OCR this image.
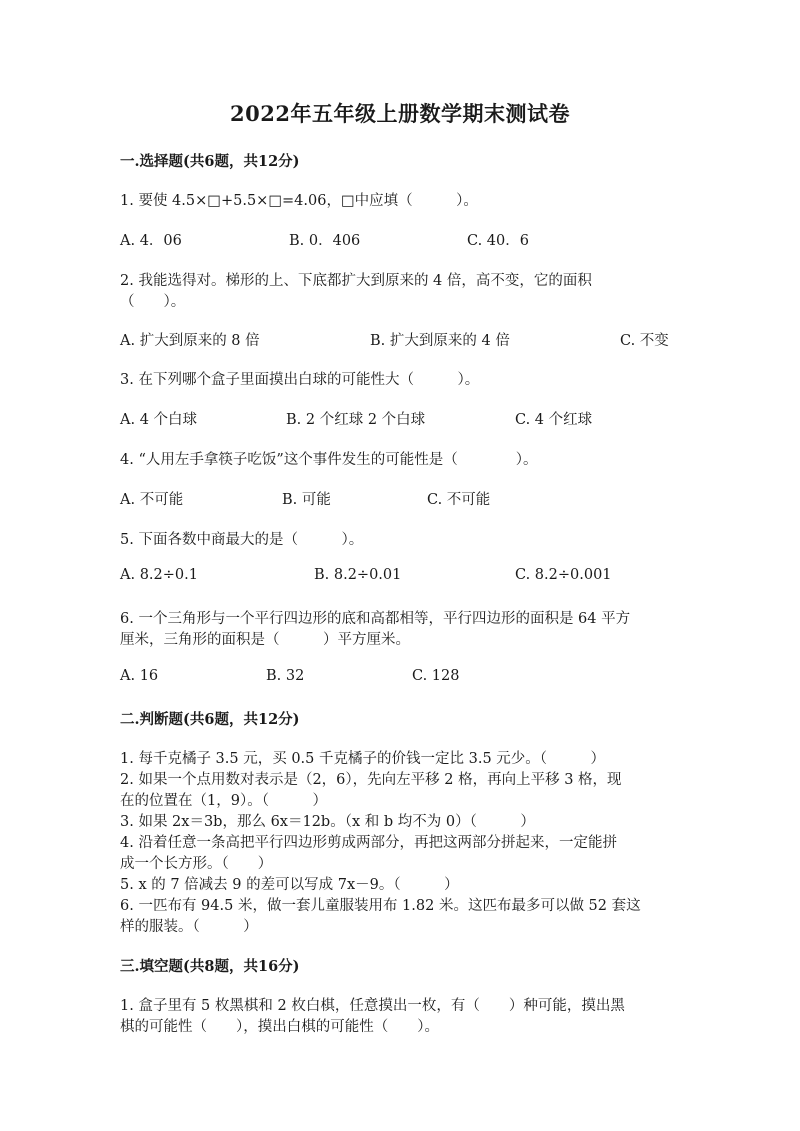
2022年五年级上册数学期末测试卷
一.选择题(共6题，共12分)
1. 要使 4.5×□+5.5×□=4.06，□中应填（　　　）。
A. 4．06	B. 0．406	C. 40．6
2. 我能选得对。梯形的上、下底都扩大到原来的 4 倍，高不变，它的面积
（　　）。
A. 扩大到原来的 8 倍	B. 扩大到原来的 4 倍	C. 不变
3. 在下列哪个盒子里面摸出白球的可能性大（　　　）。
A. 4 个白球	B. 2 个红球 2 个白球	C. 4 个红球
4. “人用左手拿筷子吃饭”这个事件发生的可能性是（　　　　）。
A. 不可能	B. 可能	C. 不可能
5. 下面各数中商最大的是（　　　）。
A. 8.2÷0.1	B. 8.2÷0.01	C. 8.2÷0.001
6. 一个三角形与一个平行四边形的底和高都相等，平行四边形的面积是 64 平方
厘米，三角形的面积是（　　　）平方厘米。
A. 16	B. 32	C. 128
二.判断题(共6题，共12分)
1. 每千克橘子 3.5 元，买 0.5 千克橘子的价钱一定比 3.5 元少。（　　　）
2. 如果一个点用数对表示是（2，6），先向左平移 2 格，再向上平移 3 格，现
在的位置在（1，9）。（　　　）
3. 如果 2x＝3b，那么 6x＝12b。（x 和 b 均不为 0）（　　　）
4. 沿着任意一条高把平行四边形剪成两部分，再把这两部分拼起来，一定能拼
成一个长方形。（　　）
5. x 的 7 倍减去 9 的差可以写成 7x－9。（　　　）
6. 一匹布有 94.5 米，做一套儿童服装用布 1.82 米。这匹布最多可以做 52 套这
样的服装。（　　　）
三.填空题(共8题，共16分)
1. 盒子里有 5 枚黑棋和 2 枚白棋，任意摸出一枚，有（　　）种可能，摸出黑
棋的可能性（　　），摸出白棋的可能性（　　）。
